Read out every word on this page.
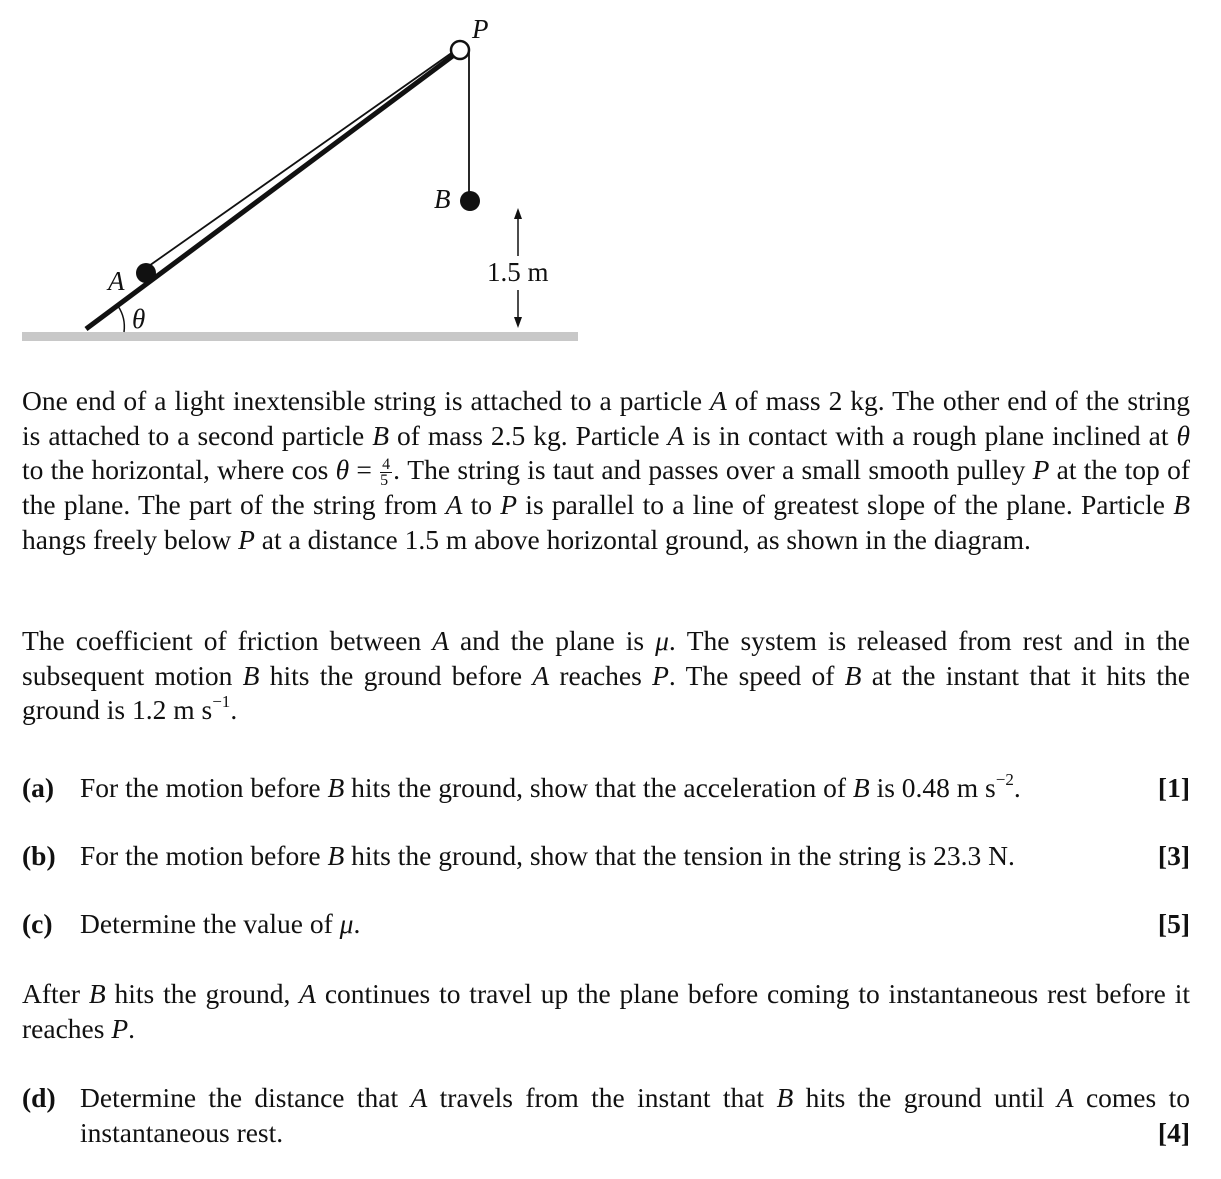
P
B
A
θ
1.5 m

One end of a light inextensible string is attached to a particle A of mass 2 kg. The other end of the string is attached to a second particle B of mass 2.5 kg. Particle A is in contact with a rough plane inclined at θ to the horizontal, where $\cos \theta = \frac{4}{5}$ . The string is taut and passes over a small smooth pulley P at the top of the plane. The part of the string from A to P is parallel to a line of greatest slope of the plane. Particle B hangs freely below P at a distance 1.5 m above horizontal ground, as shown in the diagram.

The coefficient of friction between A and the plane is μ. The system is released from rest and in the subsequent motion B hits the ground before A reaches P. The speed of B at the instant that it hits the ground is 1.2 m $s^{-1}$.

(a) For the motion before B hits the ground, show that the acceleration of B is 0.48 m $s^{-2}$.	[1]
(b) For the motion before B hits the ground, show that the tension in the string is 23.3 N.	[3]
(c) Determine the value of μ.	[5]

After B hits the ground, A continues to travel up the plane before coming to instantaneous rest before it reaches P.

(d) Determine the distance that A travels from the instant that B hits the ground until A comes to instantaneous rest.	[4]
